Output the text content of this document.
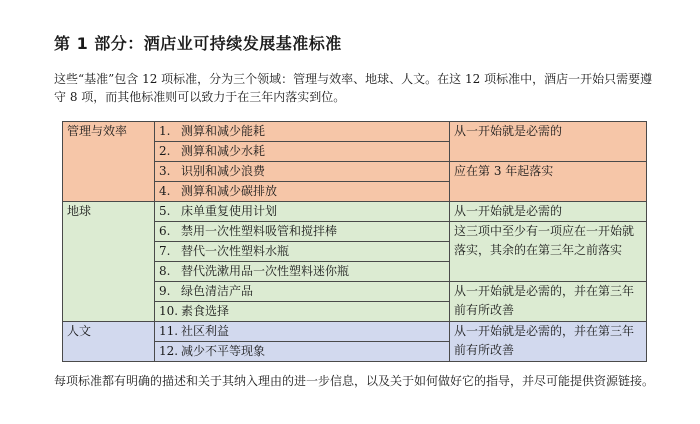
第 1 部分：酒店业可持续发展基准标准
这些“基准”包含 12 项标准，分为三个领域：管理与效率、地球、人文。在这 12 项标准中，酒店一开始只需要遵守 8 项，而其他标准则可以致力于在三年内落实到位。
管理与效率	1. 测算和减少能耗	从一开始就是必需的
	2. 测算和减少水耗	
	3. 识别和减少浪费	应在第 3 年起落实
	4. 测算和减少碳排放	
地球	5. 床单重复使用计划	从一开始就是必需的
	6. 禁用一次性塑料吸管和搅拌棒	这三项中至少有一项应在一开始就落实，其余的在第三年之前落实
	7. 替代一次性塑料水瓶	
	8. 替代洗漱用品一次性塑料迷你瓶	
	9. 绿色清洁产品	从一开始就是必需的，并在第三年前有所改善
	10. 素食选择	
人文	11. 社区利益	从一开始就是必需的，并在第三年前有所改善
	12. 减少不平等现象	
每项标准都有明确的描述和关于其纳入理由的进一步信息，以及关于如何做好它的指导，并尽可能提供资源链接。
